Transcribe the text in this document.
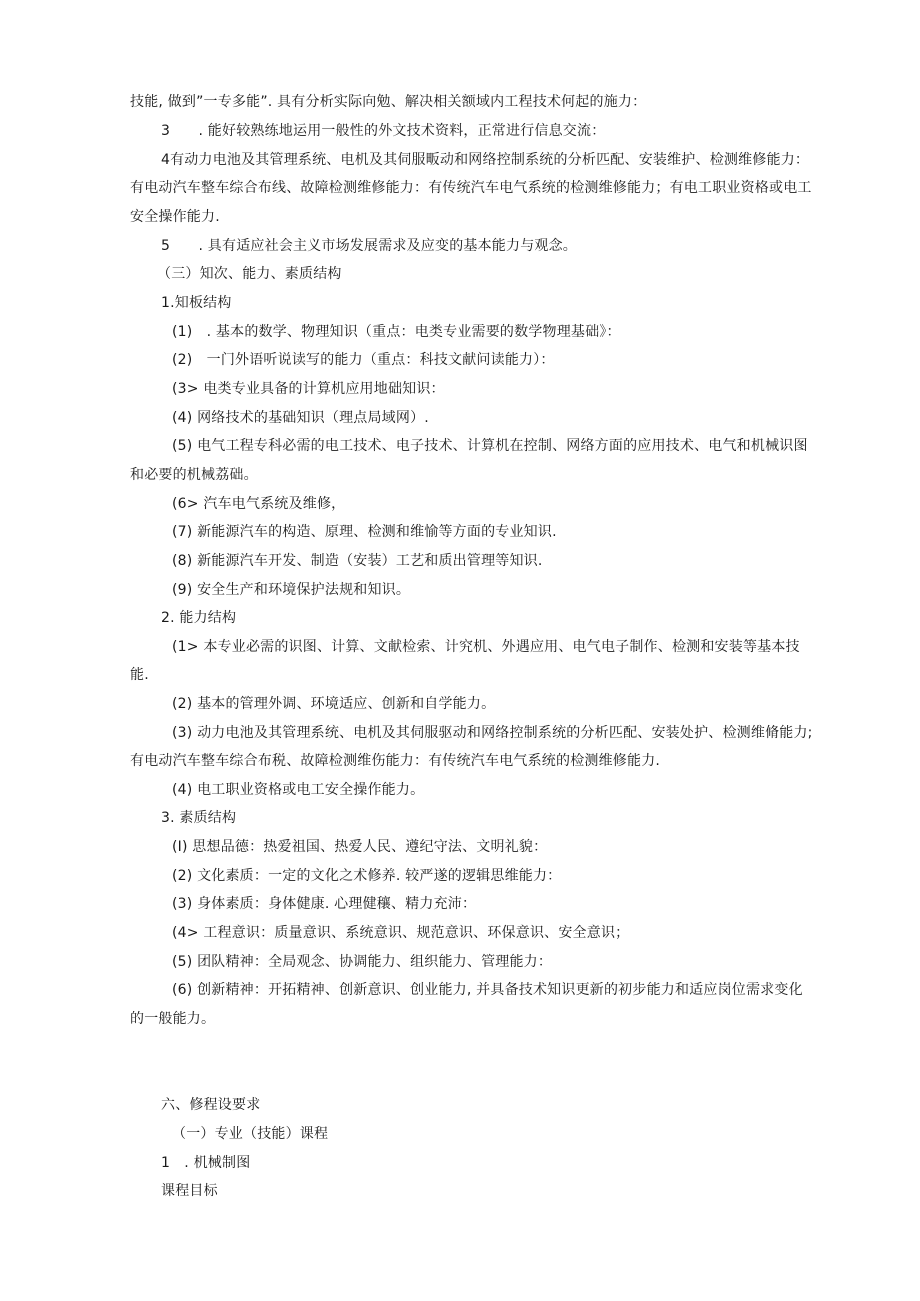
技能, 做到”一专多能”. 具有分析实际向勉、解决相关额域内工程技术何起的施力：
3　　. 能好较熟练地运用一般性的外文技术资料，正常进行信息交流：
4有动力电池及其管理系统、电机及其伺服畈动和网络控制系统的分析匹配、安装维护、检测维修能力：
有电动汽车整车综合布线、故障检测维修能力：有传统汽车电气系统的检测维修能力；有电工职业资格或电工
安全操作能力.
5　　. 具有适应社会主义市场发展需求及应变的基本能力与观念。
（三）知次、能力、素质结构
1.知板结构
(1)　. 基本的数学、物理知识（重点：电类专业需要的数学物理基础》：
(2)　一门外语听说读写的能力（重点：科技文献问读能力）：
(3> 电类专业具备的计算机应用地础知识：
(4) 网络技术的基础知识（理点局域网）.
(5) 电气工程专科必需的电工技术、电子技术、计算机在控制、网络方面的应用技术、电气和机械识图
和必要的机械荔础。
(6> 汽车电气系统及维修，
(7) 新能源汽车的构造、原理、检测和维愉等方面的专业知识.
(8) 新能源汽车开发、制造（安装）工艺和质出管理等知识.
(9) 安全生产和环境保护法规和知识。
2. 能力结构
(1> 本专业必需的识图、计算、文献检索、计究机、外遇应用、电气电子制作、检测和安装等基本技
能.
(2) 基本的管理外调、环境适应、创新和自学能力。
(3) 动力电池及其管理系统、电机及其伺服驱动和网络控制系统的分析匹配、安装处护、检测维脩能力;
有电动汽车整车综合布税、故障检测维伤能力：有传统汽车电气系统的检测维修能力.
(4) 电工职业资格或电工安全操作能力。
3. 素质结构
(I) 思想品德：热爱祖国、热爱人民、遵纪守法、文明礼貌：
(2) 文化素质：一定的文化之术修养. 较严遂的逻辑思维能力：
(3) 身体素质：身体健康. 心理健穰、精力充沛：
(4> 工程意识：质量意识、系统意识、规范意识、环保意识、安全意识；
(5) 团队精神：全局观念、协调能力、组织能力、管理能力：
(6) 创新精神：开拓精神、创新意识、创业能力, 并具备技术知识更新的初步能力和适应岗位需求变化
的一般能力。
六、修程设要求
（一）专业（技能）课程
1　. 机械制图
课程目标
